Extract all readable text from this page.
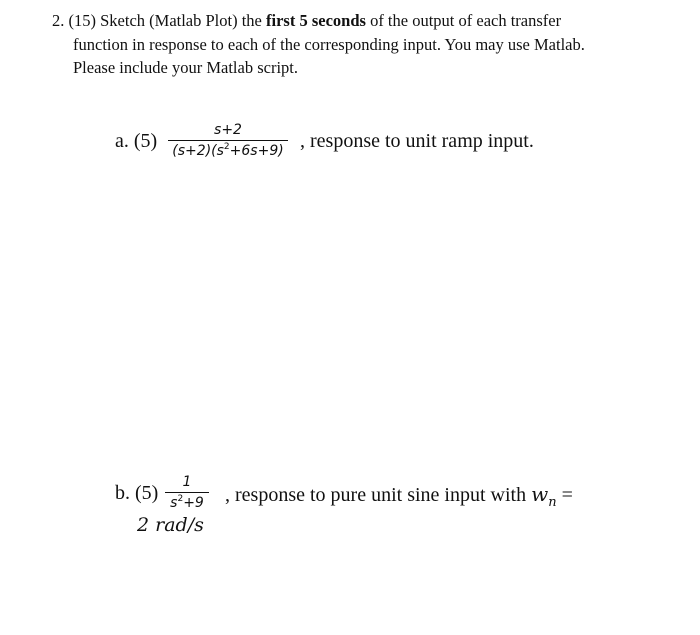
2. (15) Sketch (Matlab Plot) the first 5 seconds of the output of each transfer
function in response to each of the corresponding input. You may use Matlab.
Please include your Matlab script.
a. (5)	s+2
$(s+2)(s^2+6s+9)$ , response to unit ramp input.
b. (5) 1
$s^2+9$ , response to pure unit sine input with $w_n$ =
2 rad/s
